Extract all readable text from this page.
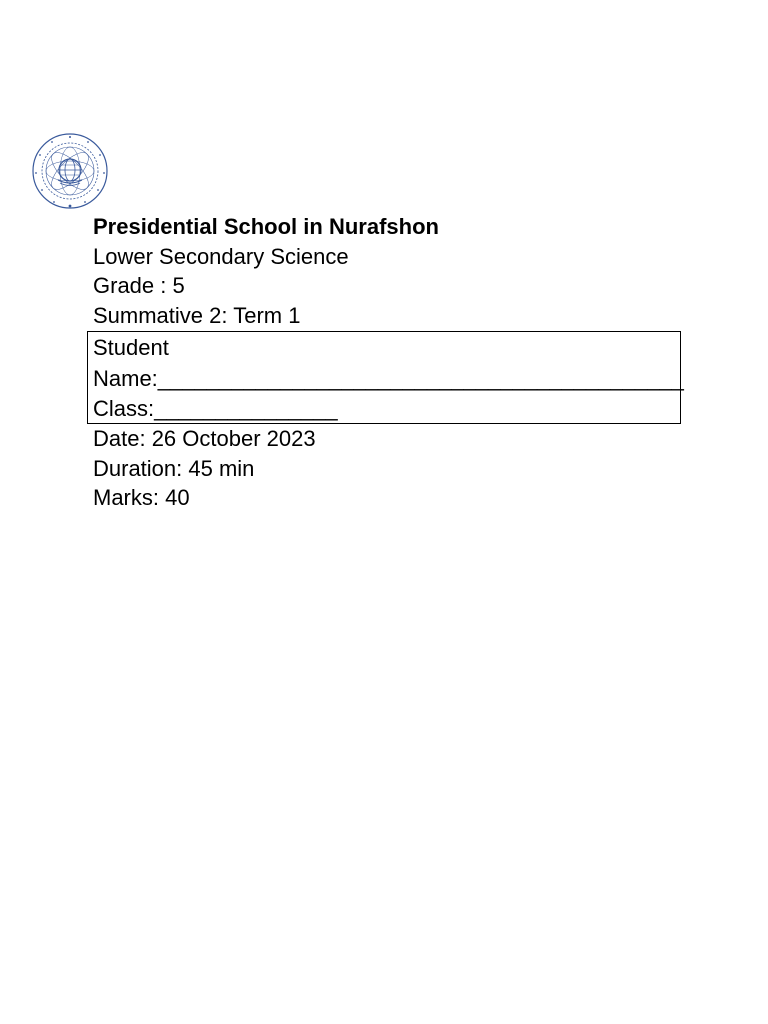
Presidential School in Nurafshon
Lower Secondary Science
Grade : 5
Summative 2: Term 1
Student
Name:___________________________________________
Class:_______________
Date: 26 October 2023
Duration: 45 min
Marks: 40
